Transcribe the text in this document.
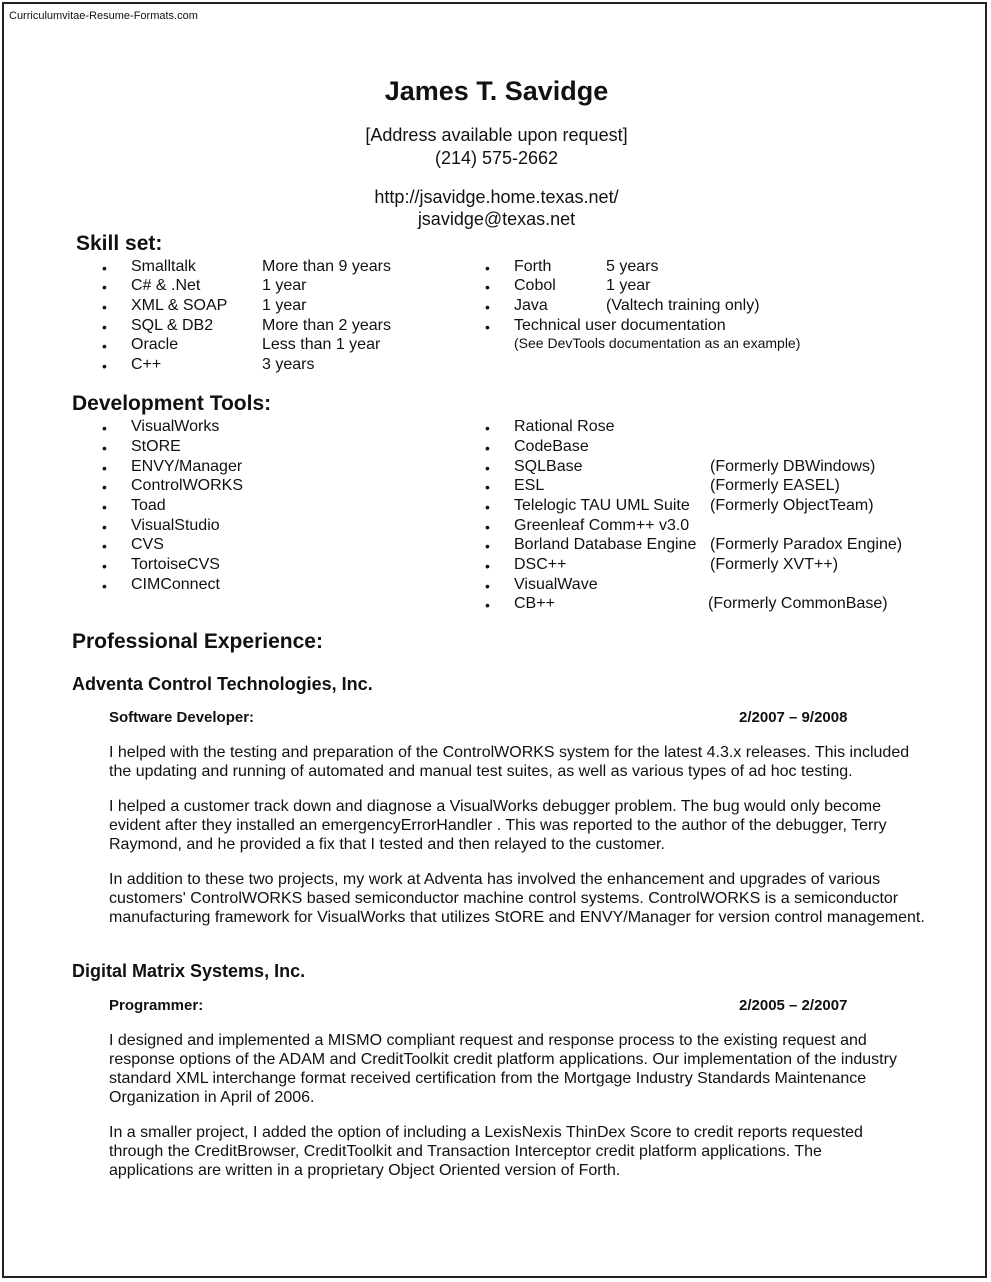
Curriculumvitae-Resume-Formats.com
James T. Savidge
[Address available upon request]
(214) 575-2662
http://jsavidge.home.texas.net/
jsavidge@texas.net
Skill set:
• Smalltalk	More than 9 years
• C# & .Net	1 year
• XML & SOAP 1 year
• SQL & DB2	More than 2 years
• Oracle	Less than 1 year
• C++	3 years
• Forth	5 years
• Cobol	1 year
• Java	(Valtech training only)
• Technical user documentation
(See DevTools documentation as an example)
Development Tools:
• VisualWorks
• StORE
• ENVY/Manager
• ControlWORKS
• Toad
• VisualStudio
• CVS
• TortoiseCVS
• CIMConnect
• Rational Rose
• CodeBase
• SQLBase	(Formerly DBWindows)
• ESL	(Formerly EASEL)
• Telelogic TAU UML Suite (Formerly ObjectTeam)
• Greenleaf Comm++ v3.0
• Borland Database Engine (Formerly Paradox Engine)
• DSC++	(Formerly XVT++)
• VisualWave
• CB++	(Formerly CommonBase)
Professional Experience:
Adventa Control Technologies, Inc.
Software Developer:	2/2007 – 9/2008
I helped with the testing and preparation of the ControlWORKS system for the latest 4.3.x releases. This included the updating and running of automated and manual test suites, as well as various types of ad hoc testing.
I helped a customer track down and diagnose a VisualWorks debugger problem. The bug would only become evident after they installed an emergencyErrorHandler . This was reported to the author of the debugger, Terry Raymond, and he provided a fix that I tested and then relayed to the customer.
In addition to these two projects, my work at Adventa has involved the enhancement and upgrades of various customers' ControlWORKS based semiconductor machine control systems. ControlWORKS is a semiconductor manufacturing framework for VisualWorks that utilizes StORE and ENVY/Manager for version control management.
Digital Matrix Systems, Inc.
Programmer:	2/2005 – 2/2007
I designed and implemented a MISMO compliant request and response process to the existing request and response options of the ADAM and CreditToolkit credit platform applications. Our implementation of the industry standard XML interchange format received certification from the Mortgage Industry Standards Maintenance Organization in April of 2006.
In a smaller project, I added the option of including a LexisNexis ThinDex Score to credit reports requested through the CreditBrowser, CreditToolkit and Transaction Interceptor credit platform applications. The applications are written in a proprietary Object Oriented version of Forth.
